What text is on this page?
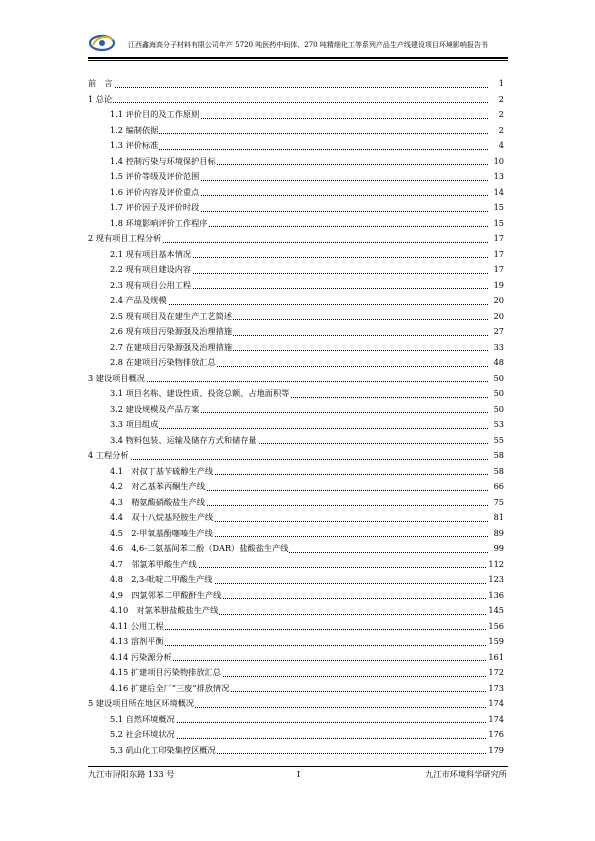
江西鑫海高分子材料有限公司年产 5720 吨医药中间体、270 吨精细化工等系列产品生产线建设项目环境影响报告书
前　言	1
1 总论	2
1.1 评价目的及工作原则	2
1.2 编制依据	2
1.3 评价标准	4
1.4 控制污染与环境保护目标	10
1.5 评价等级及评价范围	13
1.6 评价内容及评价重点	14
1.7 评价因子及评价时段	15
1.8 环境影响评价工作程序	15
2 现有项目工程分析	17
2.1 现有项目基本情况	17
2.2 现有项目建设内容	17
2.3 现有项目公用工程	19
2.4 产品及规模	20
2.5 现有项目及在建生产工艺简述	20
2.6 现有项目污染源强及治理措施	27
2.7 在建项目污染源强及治理措施	33
2.8 在建项目污染物排放汇总	48
3 建设项目概况	50
3.1 项目名称、建设性质、投资总额、占地面积等	50
3.2 建设规模及产品方案	50
3.3 项目组成	53
3.4 物料包装、运输及储存方式和储存量	55
4 工程分析	58
4.1　对叔丁基苄硫醇生产线	58
4.2　对乙基苯丙酮生产线	66
4.3　精氨酸硝酸盐生产线	75
4.4　双十八烷基羟胺生产线	81
4.5　2-甲氧基酚噻嗪生产线	89
4.6　4,6-二氨基间苯二酚（DAR）盐酸盐生产线	99
4.7　邻氯苯甲酸生产线	112
4.8　2,3-吡啶二甲酸生产线	123
4.9　四氯邻苯二甲酸酐生产线	136
4.10　对氯苯肼盐酸盐生产线	145
4.11 公用工程	156
4.13 溶剂平衡	159
4.14 污染源分析	161
4.15 扩建项目污染物排放汇总	172
4.16 扩建后全厂“三废”排放情况	173
5 建设项目所在地区环境概况	174
5.1 自然环境概况	174
5.2 社会环境状况	176
5.3 矶山化工印染集控区概况	179
九江市浔阳东路 133 号	I	九江市环境科学研究所
